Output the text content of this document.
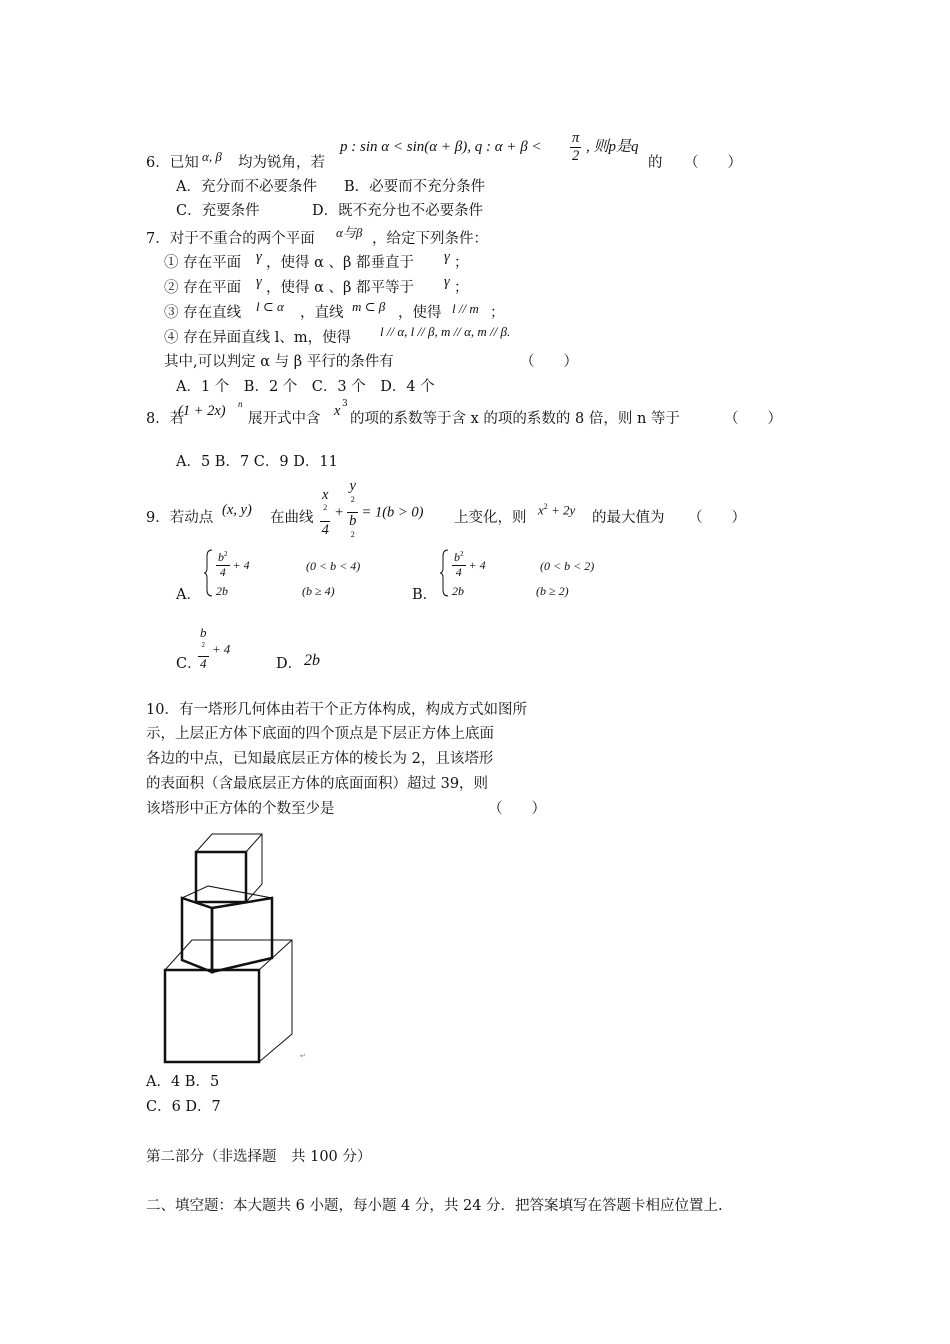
6．已知 α, β 均为锐角，若
p : sin α < sin(α + β), q : $\alpha + \beta < \frac{\pi}{2}$ , 则p是q
的 （　　）
A．充分而不必要条件 B．必要而不充分条件
C．充要条件	D．既不充分也不必要条件
7．对于不重合的两个平面 α与β ，给定下列条件：
① 存在平面 γ ，使得 α 、β 都垂直于 γ ；
② 存在平面 γ ，使得 α 、β 都平等于 γ ；
③ 存在直线 l ⊂ α ，直线 m ⊂ β ，使得 l // m ；
④ 存在异面直线 l、m，使得 l // α, l // β, m // α, m // β.
其中,可以判定 α 与 β 平行的条件有	（　　）
A．1 个　B．2 个　C．3 个　D．4 个
8．若
(1 + 2x) n
展开式中含 x 3
的项的系数等于含 x 的项的系数的 8 倍，则 n 等于	（　　）
A．5 B．7 C．9 D．11
9．若动点 (x, y) 在曲线 x
$^2$
4 + y
$^2$
b
$^2$ = 1(b > 0) 上变化，则
$x^2 + 2y$
的最大值为 （　　）
A．
$\frac{b^2}{4} + 4$	(0 < b < 4)
2b	(b ≥ 4)	B．
$\frac{b^2}{4} + 4$	(0 < b < 2)
2b	(b ≥ 2)
C．
b
$^2$
4 + 4
D． 2b
10．有一塔形几何体由若干个正方体构成，构成方式如图所
示，上层正方体下底面的四个顶点是下层正方体上底面
各边的中点，已知最底层正方体的棱长为 2，且该塔形
的表面积（含最底层正方体的底面面积）超过 39，则
该塔形中正方体的个数至少是	（　　）
↵
A．4 B．5
C．6 D．7
第二部分（非选择题　共 100 分）
二、填空题：本大题共 6 小题，每小题 4 分，共 24 分．把答案填写在答题卡相应位置上.
